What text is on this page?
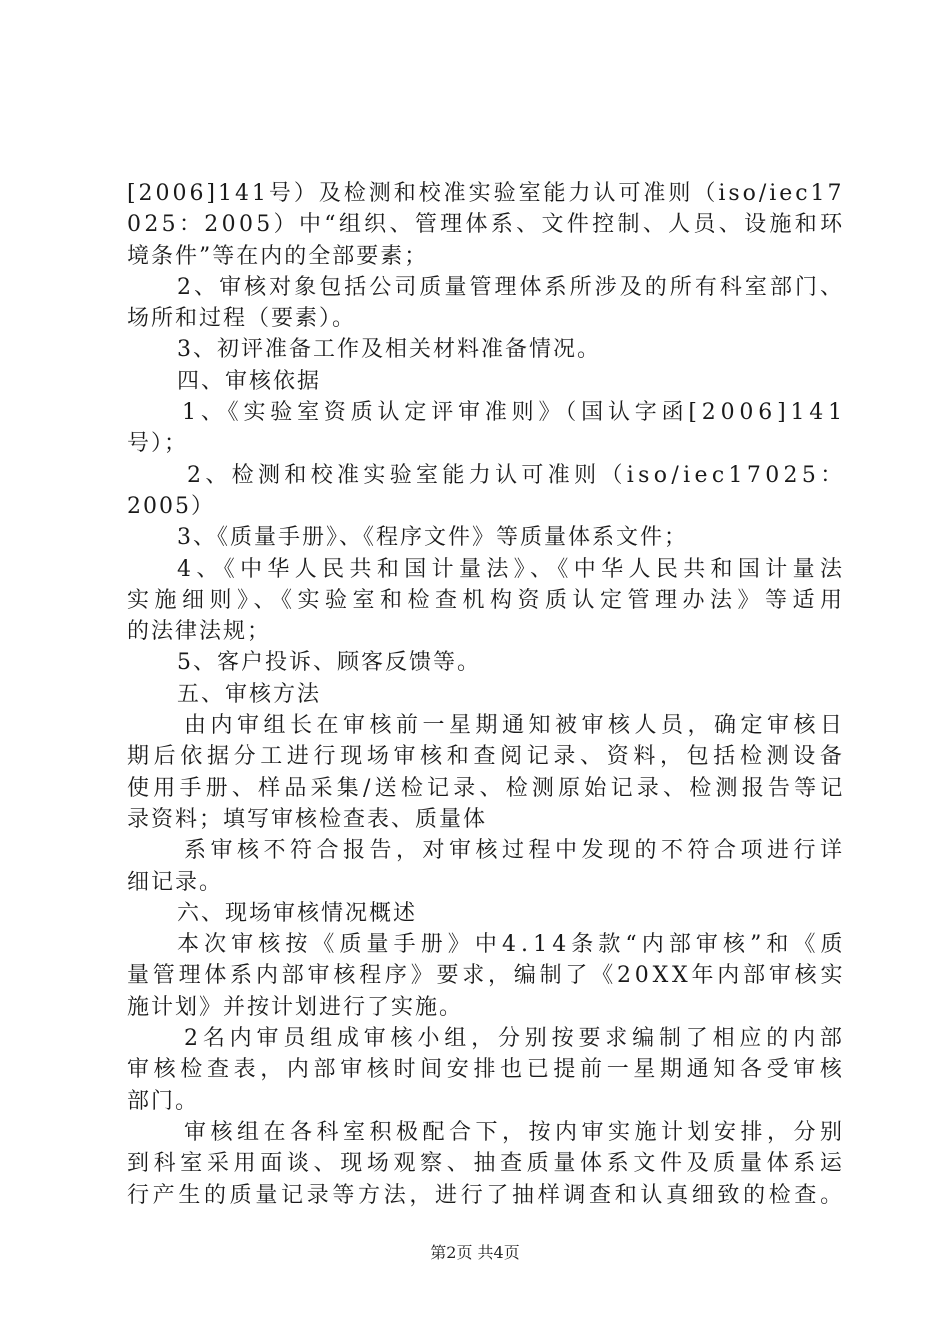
[2006]141号）及检测和校准实验室能力认可准则（iso/iec17
025：2005）中“组织、管理体系、文件控制、人员、设施和环
境条件”等在内的全部要素；
2、审核对象包括公司质量管理体系所涉及的所有科室部门、
场所和过程（要素）。
3、初评准备工作及相关材料准备情况。
四、审核依据
1、《实验室资质认定评审准则》（国认字函[2006]141
号）；
2、检测和校准实验室能力认可准则（iso/iec17025：
2005）
3、《质量手册》、《程序文件》等质量体系文件；
4、《中华人民共和国计量法》、《中华人民共和国计量法
实施细则》、《实验室和检查机构资质认定管理办法》等适用
的法律法规；
5、客户投诉、顾客反馈等。
五、审核方法
由内审组长在审核前一星期通知被审核人员，确定审核日
期后依据分工进行现场审核和查阅记录、资料，包括检测设备
使用手册、样品采集/送检记录、检测原始记录、检测报告等记
录资料；填写审核检查表、质量体
系审核不符合报告，对审核过程中发现的不符合项进行详
细记录。
六、现场审核情况概述
本次审核按《质量手册》中4.14条款“内部审核”和《质
量管理体系内部审核程序》要求，编制了《20XX年内部审核实
施计划》并按计划进行了实施。
2名内审员组成审核小组，分别按要求编制了相应的内部
审核检查表，内部审核时间安排也已提前一星期通知各受审核
部门。
审核组在各科室积极配合下，按内审实施计划安排，分别
到科室采用面谈、现场观察、抽查质量体系文件及质量体系运
行产生的质量记录等方法，进行了抽样调查和认真细致的检查。
第2页 共4页
